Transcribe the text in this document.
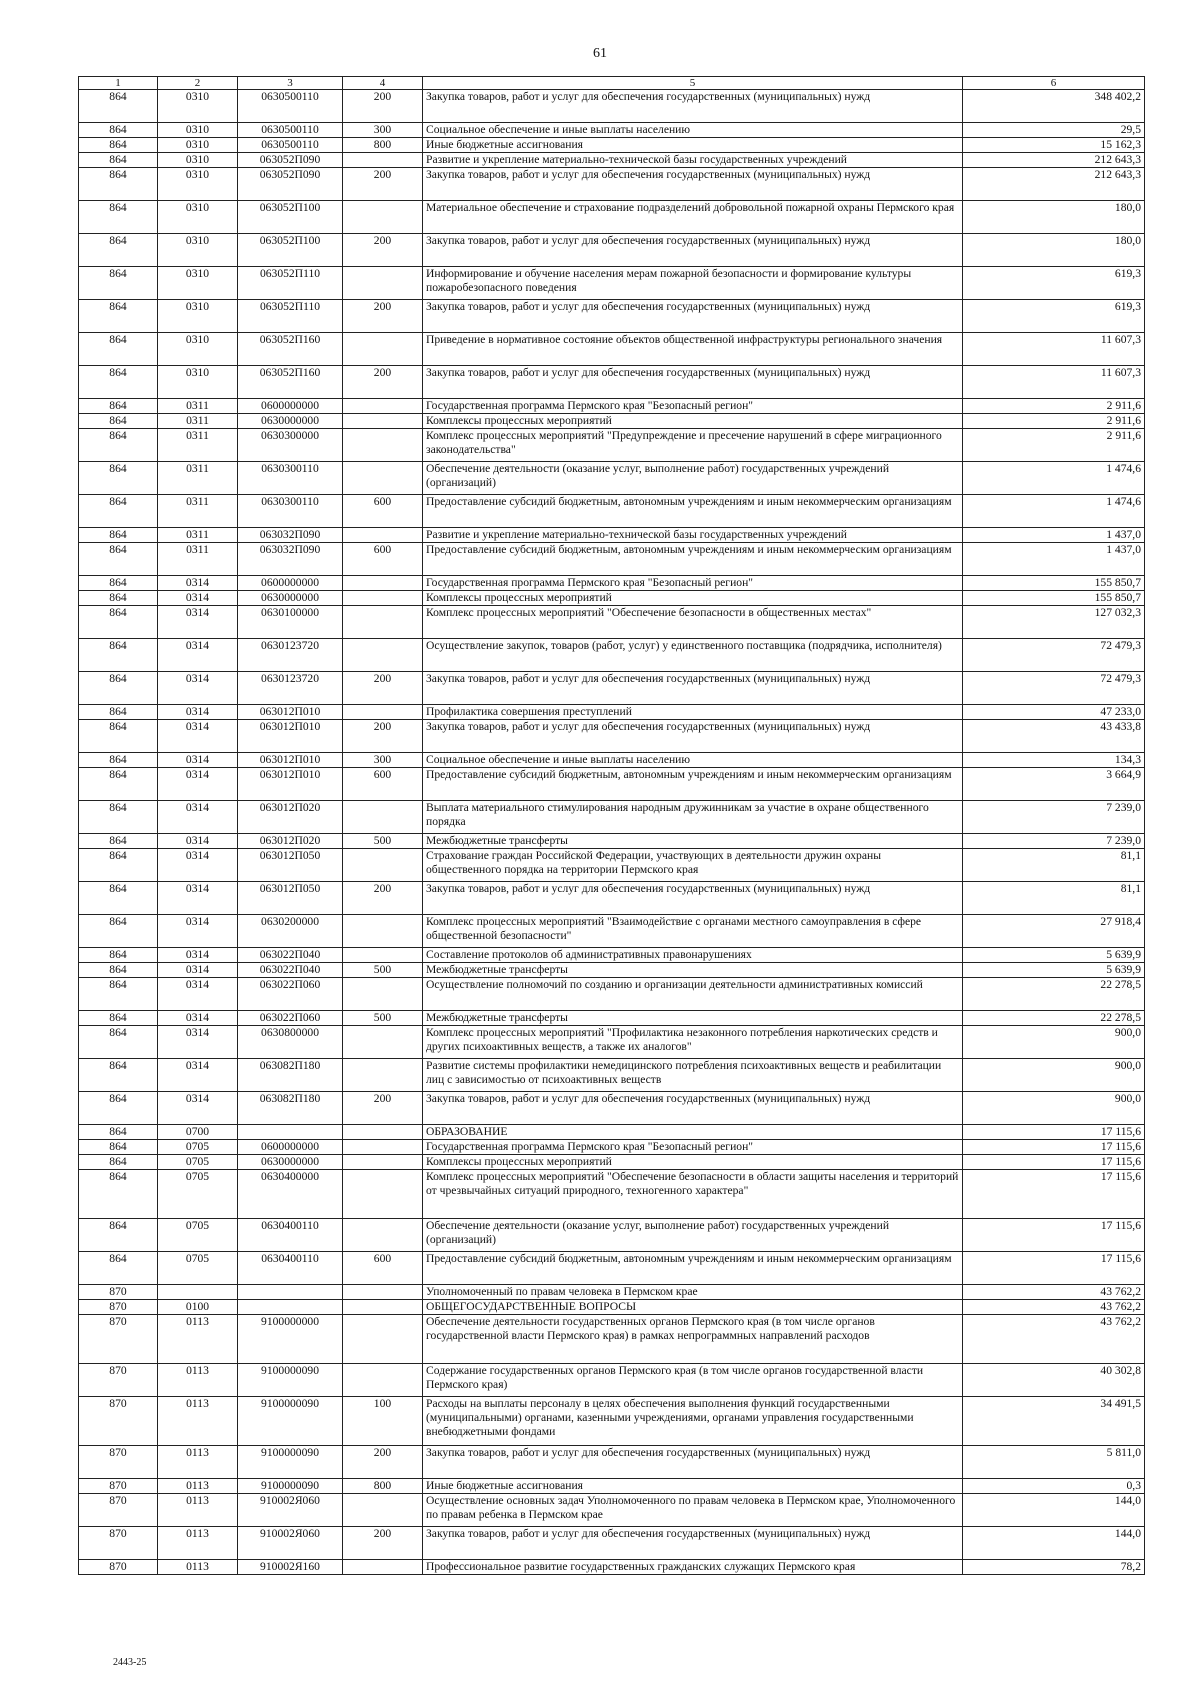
61
1	2	3	4	5	6
864	0310	0630500110	200	Закупка товаров, работ и услуг для обеспечения государственных (муниципальных) нужд	348 402,2
864	0310	0630500110	300	Социальное обеспечение и иные выплаты населению	29,5
864	0310	0630500110	800	Иные бюджетные ассигнования	15 162,3
864	0310	063052П090		Развитие и укрепление материально-технической базы государственных учреждений	212 643,3
864	0310	063052П090	200	Закупка товаров, работ и услуг для обеспечения государственных (муниципальных) нужд	212 643,3
864	0310	063052П100		Материальное обеспечение и страхование подразделений добровольной пожарной охраны Пермского края	180,0
864	0310	063052П100	200	Закупка товаров, работ и услуг для обеспечения государственных (муниципальных) нужд	180,0
864	0310	063052П110		Информирование и обучение населения мерам пожарной безопасности и формирование культуры пожаробезопасного поведения	619,3
864	0310	063052П110	200	Закупка товаров, работ и услуг для обеспечения государственных (муниципальных) нужд	619,3
864	0310	063052П160		Приведение в нормативное состояние объектов общественной инфраструктуры регионального значения	11 607,3
864	0310	063052П160	200	Закупка товаров, работ и услуг для обеспечения государственных (муниципальных) нужд	11 607,3
864	0311	0600000000		Государственная программа Пермского края "Безопасный регион"	2 911,6
864	0311	0630000000		Комплексы процессных мероприятий	2 911,6
864	0311	0630300000		Комплекс процессных мероприятий "Предупреждение и пресечение нарушений в сфере миграционного законодательства"	2 911,6
864	0311	0630300110		Обеспечение деятельности (оказание услуг, выполнение работ) государственных учреждений (организаций)	1 474,6
864	0311	0630300110	600	Предоставление субсидий бюджетным, автономным учреждениям и иным некоммерческим организациям	1 474,6
864	0311	063032П090		Развитие и укрепление материально-технической базы государственных учреждений	1 437,0
864	0311	063032П090	600	Предоставление субсидий бюджетным, автономным учреждениям и иным некоммерческим организациям	1 437,0
864	0314	0600000000		Государственная программа Пермского края "Безопасный регион"	155 850,7
864	0314	0630000000		Комплексы процессных мероприятий	155 850,7
864	0314	0630100000		Комплекс процессных мероприятий "Обеспечение безопасности в общественных местах"	127 032,3
864	0314	0630123720		Осуществление закупок, товаров (работ, услуг) у единственного поставщика (подрядчика, исполнителя)	72 479,3
864	0314	0630123720	200	Закупка товаров, работ и услуг для обеспечения государственных (муниципальных) нужд	72 479,3
864	0314	063012П010		Профилактика совершения преступлений	47 233,0
864	0314	063012П010	200	Закупка товаров, работ и услуг для обеспечения государственных (муниципальных) нужд	43 433,8
864	0314	063012П010	300	Социальное обеспечение и иные выплаты населению	134,3
864	0314	063012П010	600	Предоставление субсидий бюджетным, автономным учреждениям и иным некоммерческим организациям	3 664,9
864	0314	063012П020		Выплата материального стимулирования народным дружинникам за участие в охране общественного порядка	7 239,0
864	0314	063012П020	500	Межбюджетные трансферты	7 239,0
864	0314	063012П050		Страхование граждан Российской Федерации, участвующих в деятельности дружин охраны общественного порядка на территории Пермского края	81,1
864	0314	063012П050	200	Закупка товаров, работ и услуг для обеспечения государственных (муниципальных) нужд	81,1
864	0314	0630200000		Комплекс процессных мероприятий "Взаимодействие с органами местного самоуправления в сфере общественной безопасности"	27 918,4
864	0314	063022П040		Составление протоколов об административных правонарушениях	5 639,9
864	0314	063022П040	500	Межбюджетные трансферты	5 639,9
864	0314	063022П060		Осуществление полномочий по созданию и организации деятельности административных комиссий	22 278,5
864	0314	063022П060	500	Межбюджетные трансферты	22 278,5
864	0314	0630800000		Комплекс процессных мероприятий "Профилактика незаконного потребления наркотических средств и других психоактивных веществ, а также их аналогов"	900,0
864	0314	063082П180		Развитие системы профилактики немедицинского потребления психоактивных веществ и реабилитации лиц с зависимостью от психоактивных веществ	900,0
864	0314	063082П180	200	Закупка товаров, работ и услуг для обеспечения государственных (муниципальных) нужд	900,0
864	0700			ОБРАЗОВАНИЕ	17 115,6
864	0705	0600000000		Государственная программа Пермского края "Безопасный регион"	17 115,6
864	0705	0630000000		Комплексы процессных мероприятий	17 115,6
864	0705	0630400000		Комплекс процессных мероприятий "Обеспечение безопасности в области защиты населения и территорий от чрезвычайных ситуаций природного, техногенного характера"	17 115,6
864	0705	0630400110		Обеспечение деятельности (оказание услуг, выполнение работ) государственных учреждений (организаций)	17 115,6
864	0705	0630400110	600	Предоставление субсидий бюджетным, автономным учреждениям и иным некоммерческим организациям	17 115,6
870				Уполномоченный по правам человека в Пермском крае	43 762,2
870	0100			ОБЩЕГОСУДАРСТВЕННЫЕ ВОПРОСЫ	43 762,2
870	0113	9100000000		Обеспечение деятельности государственных органов Пермского края (в том числе органов государственной власти Пермского края) в рамках непрограммных направлений расходов	43 762,2
870	0113	9100000090		Содержание государственных органов Пермского края (в том числе органов государственной власти Пермского края)	40 302,8
870	0113	9100000090	100	Расходы на выплаты персоналу в целях обеспечения выполнения функций государственными (муниципальными) органами, казенными учреждениями, органами управления государственными внебюджетными фондами	34 491,5
870	0113	9100000090	200	Закупка товаров, работ и услуг для обеспечения государственных (муниципальных) нужд	5 811,0
870	0113	9100000090	800	Иные бюджетные ассигнования	0,3
870	0113	910002Я060		Осуществление основных задач Уполномоченного по правам человека в Пермском крае, Уполномоченного по правам ребенка в Пермском крае	144,0
870	0113	910002Я060	200	Закупка товаров, работ и услуг для обеспечения государственных (муниципальных) нужд	144,0
870	0113	910002Я160		Профессиональное развитие государственных гражданских служащих Пермского края	78,2
2443-25
